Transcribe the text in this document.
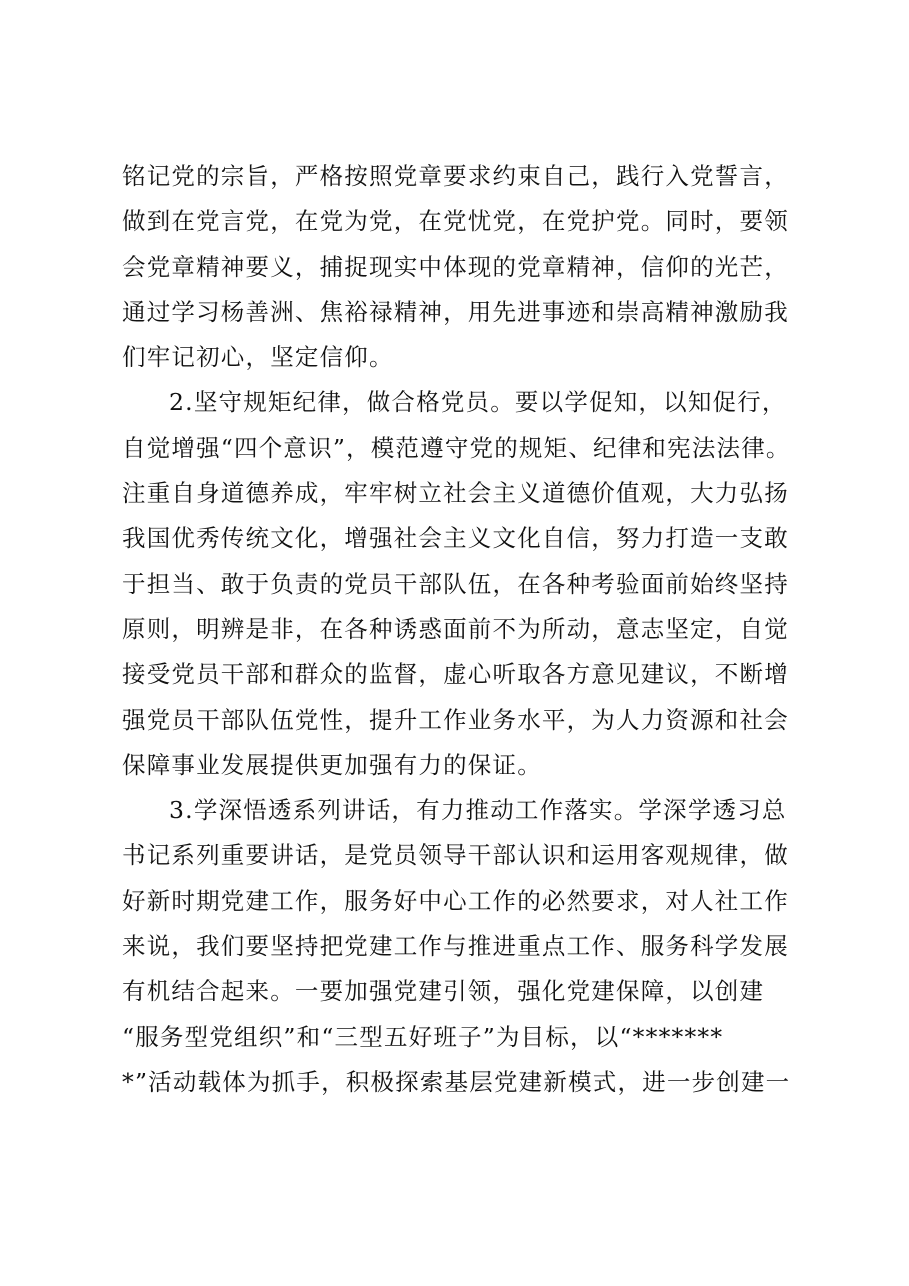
铭记党的宗旨，严格按照党章要求约束自己，践行入党誓言，
做到在党言党，在党为党，在党忧党，在党护党。同时，要领
会党章精神要义，捕捉现实中体现的党章精神，信仰的光芒，
通过学习杨善洲、焦裕禄精神，用先进事迹和崇高精神激励我
们牢记初心，坚定信仰。
2.坚守规矩纪律，做合格党员。要以学促知，以知促行，
自觉增强“四个意识”，模范遵守党的规矩、纪律和宪法法律。
注重自身道德养成，牢牢树立社会主义道德价值观，大力弘扬
我国优秀传统文化，增强社会主义文化自信，努力打造一支敢
于担当、敢于负责的党员干部队伍，在各种考验面前始终坚持
原则，明辨是非，在各种诱惑面前不为所动，意志坚定，自觉
接受党员干部和群众的监督，虚心听取各方意见建议，不断增
强党员干部队伍党性，提升工作业务水平，为人力资源和社会
保障事业发展提供更加强有力的保证。
3.学深悟透系列讲话，有力推动工作落实。学深学透习总
书记系列重要讲话，是党员领导干部认识和运用客观规律，做
好新时期党建工作，服务好中心工作的必然要求，对人社工作
来说，我们要坚持把党建工作与推进重点工作、服务科学发展
有机结合起来。一要加强党建引领，强化党建保障，以创建
“服务型党组织”和“三型五好班子”为目标，以“*******
*”活动载体为抓手，积极探索基层党建新模式，进一步创建一
